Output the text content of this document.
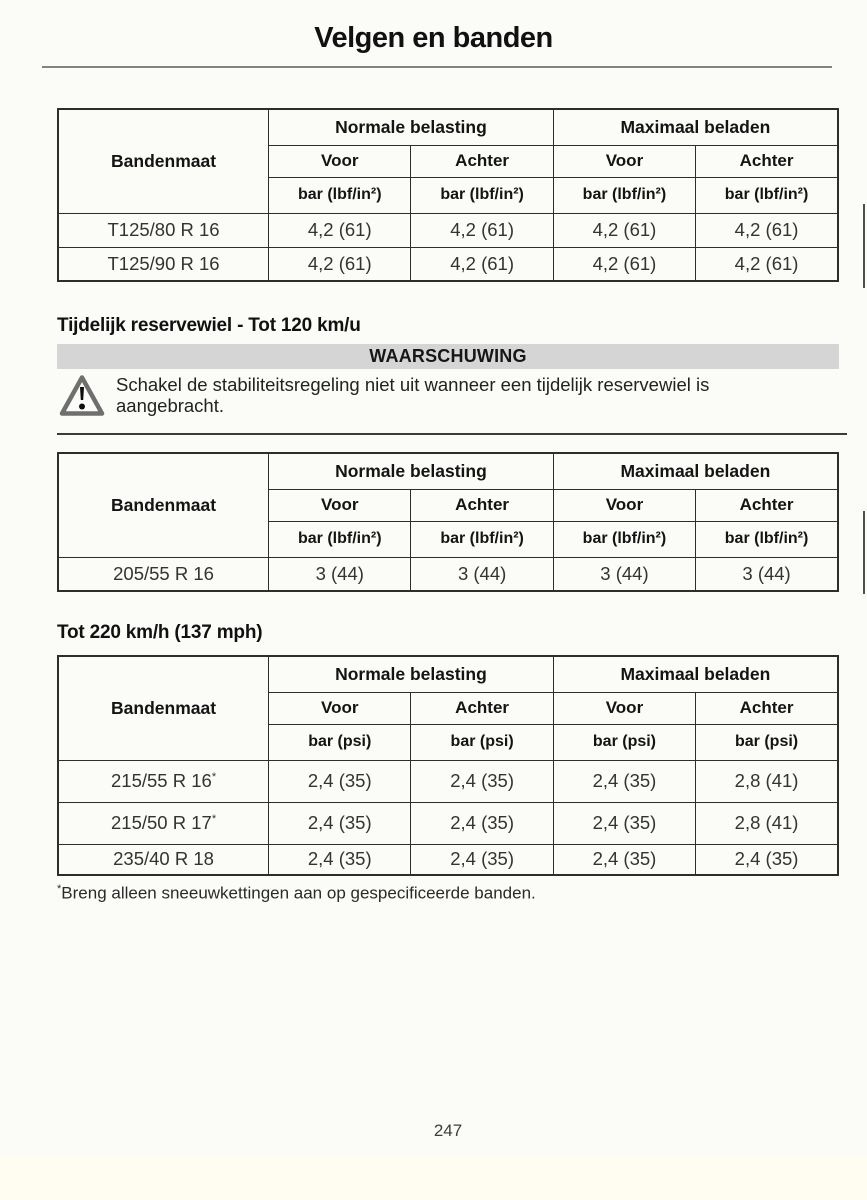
Velgen en banden
Bandenmaat	Normale belasting		Maximaal beladen	
	Voor	Achter	Voor	Achter
	bar (lbf/in²)	bar (lbf/in²)	bar (lbf/in²)	bar (lbf/in²)
T125/80 R 16	4,2 (61)	4,2 (61)	4,2 (61)	4,2 (61)
T125/90 R 16	4,2 (61)	4,2 (61)	4,2 (61)	4,2 (61)
Tijdelijk reservewiel - Tot 120 km/u
WAARSCHUWING
Schakel de stabiliteitsregeling niet uit wanneer een tijdelijk reservewiel is aangebracht.
Bandenmaat	Normale belasting		Maximaal beladen	
	Voor	Achter	Voor	Achter
	bar (lbf/in²)	bar (lbf/in²)	bar (lbf/in²)	bar (lbf/in²)
205/55 R 16	3 (44)	3 (44)	3 (44)	3 (44)
Tot 220 km/h (137 mph)
Bandenmaat	Normale belasting		Maximaal beladen	
	Voor	Achter	Voor	Achter
	bar (psi)	bar (psi)	bar (psi)	bar (psi)
215/55 R 16*	2,4 (35)	2,4 (35)	2,4 (35)	2,8 (41)
215/50 R 17*	2,4 (35)	2,4 (35)	2,4 (35)	2,8 (41)
235/40 R 18	2,4 (35)	2,4 (35)	2,4 (35)	2,4 (35)
*Breng alleen sneeuwkettingen aan op gespecificeerde banden.
247
